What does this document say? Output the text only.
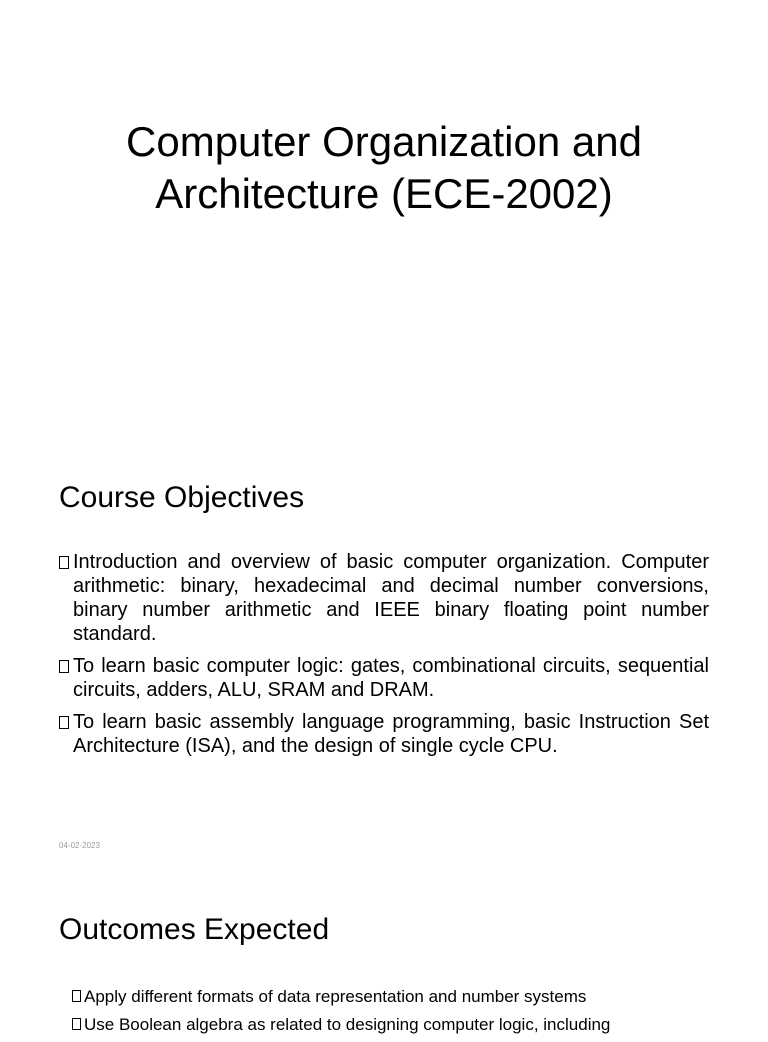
Computer Organization and
Architecture (ECE-2002)
Course Objectives
Introduction and overview of basic computer organization. Computer arithmetic: binary, hexadecimal and decimal number conversions, binary number arithmetic and IEEE binary floating point number standard.
To learn basic computer logic: gates, combinational circuits, sequential circuits, adders, ALU, SRAM and DRAM.
To learn basic assembly language programming, basic Instruction Set Architecture (ISA), and the design of single cycle CPU.
04-02-2023
Outcomes Expected
Apply different formats of data representation and number systems
Use Boolean algebra as related to designing computer logic, including
